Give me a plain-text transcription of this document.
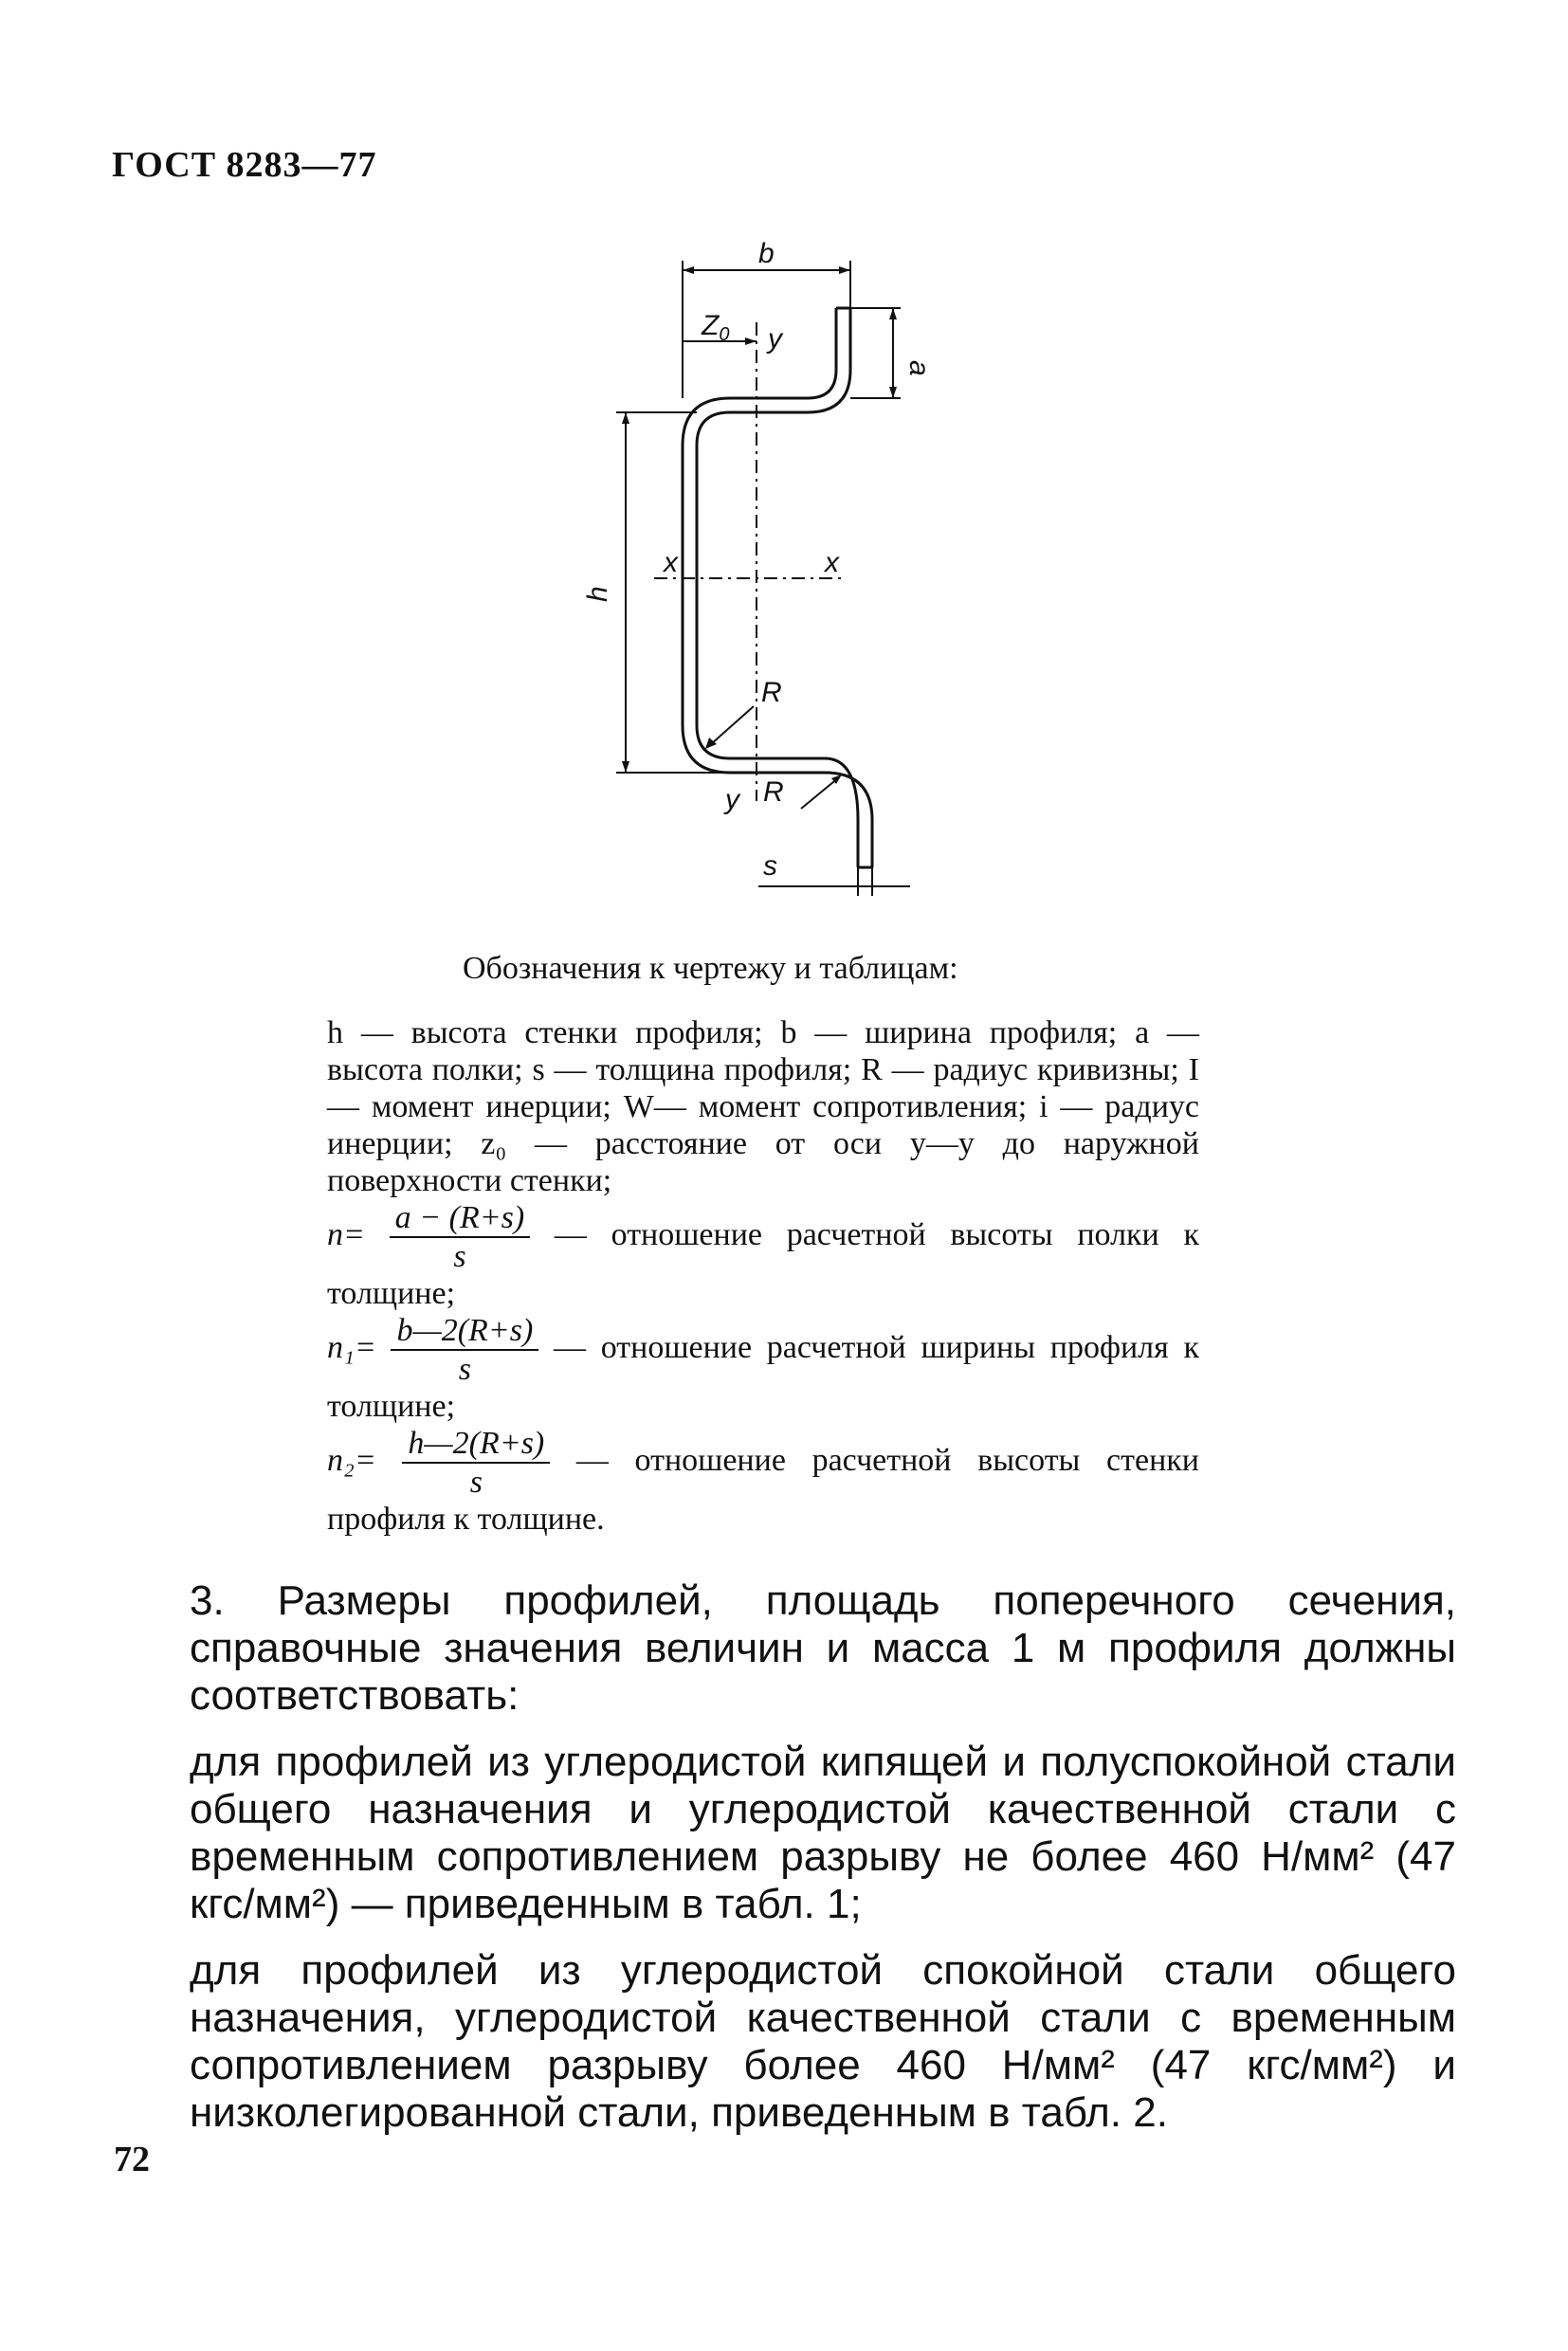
ГОСТ 8283—77
b
$Z_0$ y
a
h
x	x
R
y R
s
Обозначения к чертежу и таблицам:

h — высота стенки профиля; b — ширина профиля; a — высота полки; s — толщина профиля; R — радиус кривизны; I — момент инерции; W— момент сопротивления; i — радиус инерции; z₀ — расстояние от оси y—y до наружной поверхности стенки;

$n= \frac{a - (R+s)}{s}$ — отношение расчетной высоты полки к толщине;

$n_1= \frac{b—2(R+s)}{s}$ — отношение расчетной ширины профиля к толщине;

$n_2= \frac{h—2(R+s)}{s}$ — отношение расчетной высоты стенки профиля к толщине.

3. Размеры профилей, площадь поперечного сечения, справочные значения величин и масса 1 м профиля должны соответствовать:

для профилей из углеродистой кипящей и полуспокойной стали общего назначения и углеродистой качественной стали с временным сопротивлением разрыву не более 460 Н/мм² (47 кгс/мм²) — приведенным в табл. 1;

для профилей из углеродистой спокойной стали общего назначения, углеродистой качественной стали с временным сопротивлением разрыву более 460 Н/мм² (47 кгс/мм²) и низколегированной стали, приведенным в табл. 2.

72
